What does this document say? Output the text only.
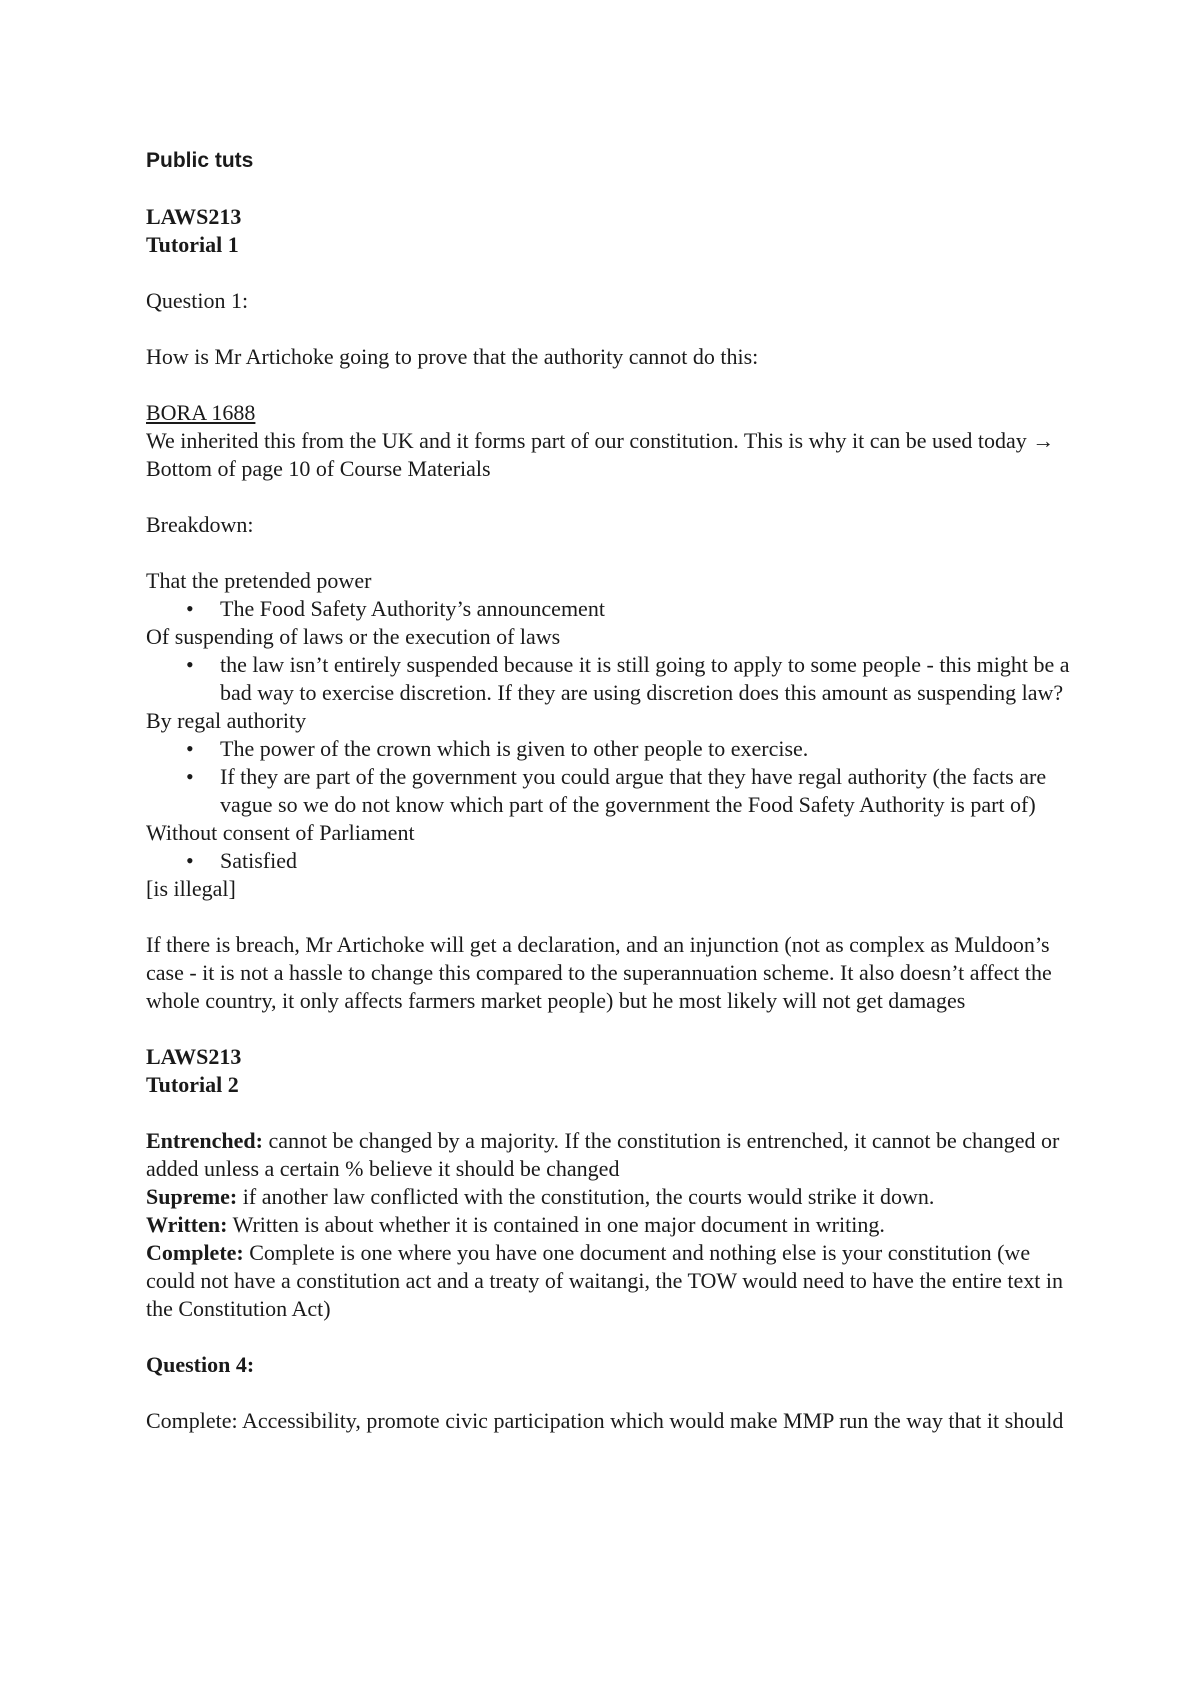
Public tuts
LAWS213
Tutorial 1
Question 1:
How is Mr Artichoke going to prove that the authority cannot do this:
BORA 1688

We inherited this from the UK and it forms part of our constitution. This is why it can be used today → Bottom of page 10 of Course Materials

Breakdown:
That the pretended power
• The Food Safety Authority’s announcement
Of suspending of laws or the execution of laws
• the law isn’t entirely suspended because it is still going to apply to some people - this might be a bad way to exercise discretion. If they are using discretion does this amount as suspending law?
By regal authority
• The power of the crown which is given to other people to exercise.
• If they are part of the government you could argue that they have regal authority (the facts are vague so we do not know which part of the government the Food Safety Authority is part of)
Without consent of Parliament
• Satisfied
[is illegal]

If there is breach, Mr Artichoke will get a declaration, and an injunction (not as complex as Muldoon’s case - it is not a hassle to change this compared to the superannuation scheme. It also doesn’t affect the whole country, it only affects farmers market people) but he most likely will not get damages

LAWS213
Tutorial 2

Entrenched: cannot be changed by a majority. If the constitution is entrenched, it cannot be changed or added unless a certain % believe it should be changed

Supreme: if another law conflicted with the constitution, the courts would strike it down.

Written: Written is about whether it is contained in one major document in writing.

Complete: Complete is one where you have one document and nothing else is your constitution (we could not have a constitution act and a treaty of waitangi, the TOW would need to have the entire text in the Constitution Act)

Question 4:

Complete: Accessibility, promote civic participation which would make MMP run the way that it should
